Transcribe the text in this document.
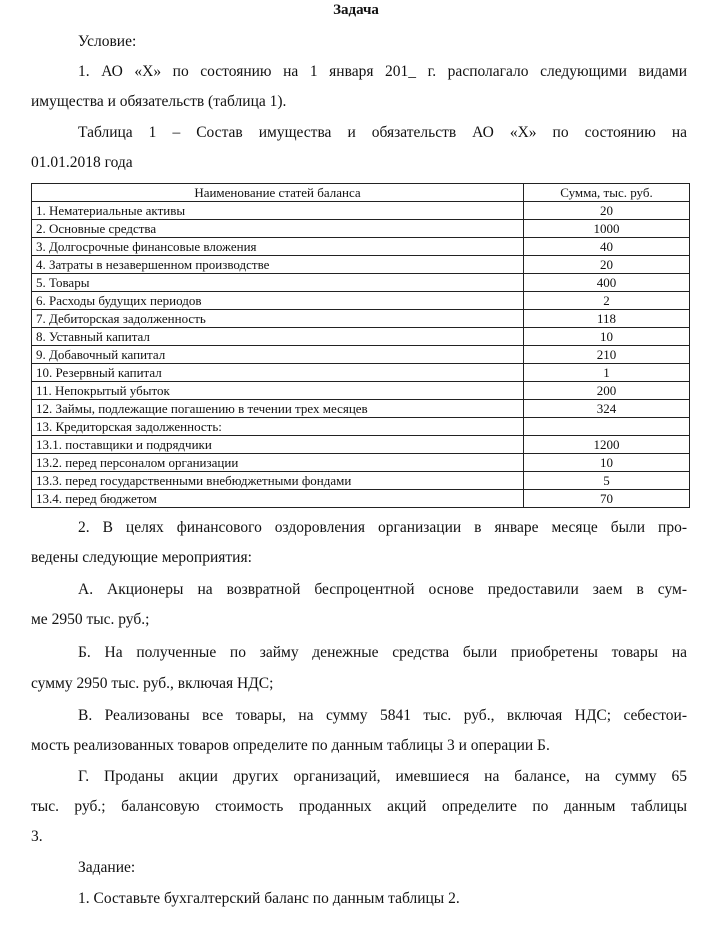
Задача
Условие:
1. АО «Х» по состоянию на 1 января 201_ г. располагало следующими видами
имущества и обязательств (таблица 1).
Таблица 1 – Состав имущества и обязательств АО «Х» по состоянию на
01.01.2018 года
Наименование статей баланса	Сумма, тыс. руб.
1. Нематериальные активы	20
2. Основные средства	1000
3. Долгосрочные финансовые вложения	40
4. Затраты в незавершенном производстве	20
5. Товары	400
6. Расходы будущих периодов	2
7. Дебиторская задолженность	118
8. Уставный капитал	10
9. Добавочный капитал	210
10. Резервный капитал	1
11. Непокрытый убыток	200
12. Займы, подлежащие погашению в течении трех месяцев	324
13. Кредиторская задолженность:	
13.1. поставщики и подрядчики	1200
13.2. перед персоналом организации	10
13.3. перед государственными внебюджетными фондами	5
13.4. перед бюджетом	70
2. В целях финансового оздоровления организации в январе месяце были про-
ведены следующие мероприятия:
А. Акционеры на возвратной беспроцентной основе предоставили заем в сум-
ме 2950 тыс. руб.;
Б. На полученные по займу денежные средства были приобретены товары на
сумму 2950 тыс. руб., включая НДС;
В. Реализованы все товары, на сумму 5841 тыс. руб., включая НДС; себестои-
мость реализованных товаров определите по данным таблицы 3 и операции Б.
Г. Проданы акции других организаций, имевшиеся на балансе, на сумму 65
тыс. руб.; балансовую стоимость проданных акций определите по данным таблицы
3.
Задание:
1. Составьте бухгалтерский баланс по данным таблицы 2.
